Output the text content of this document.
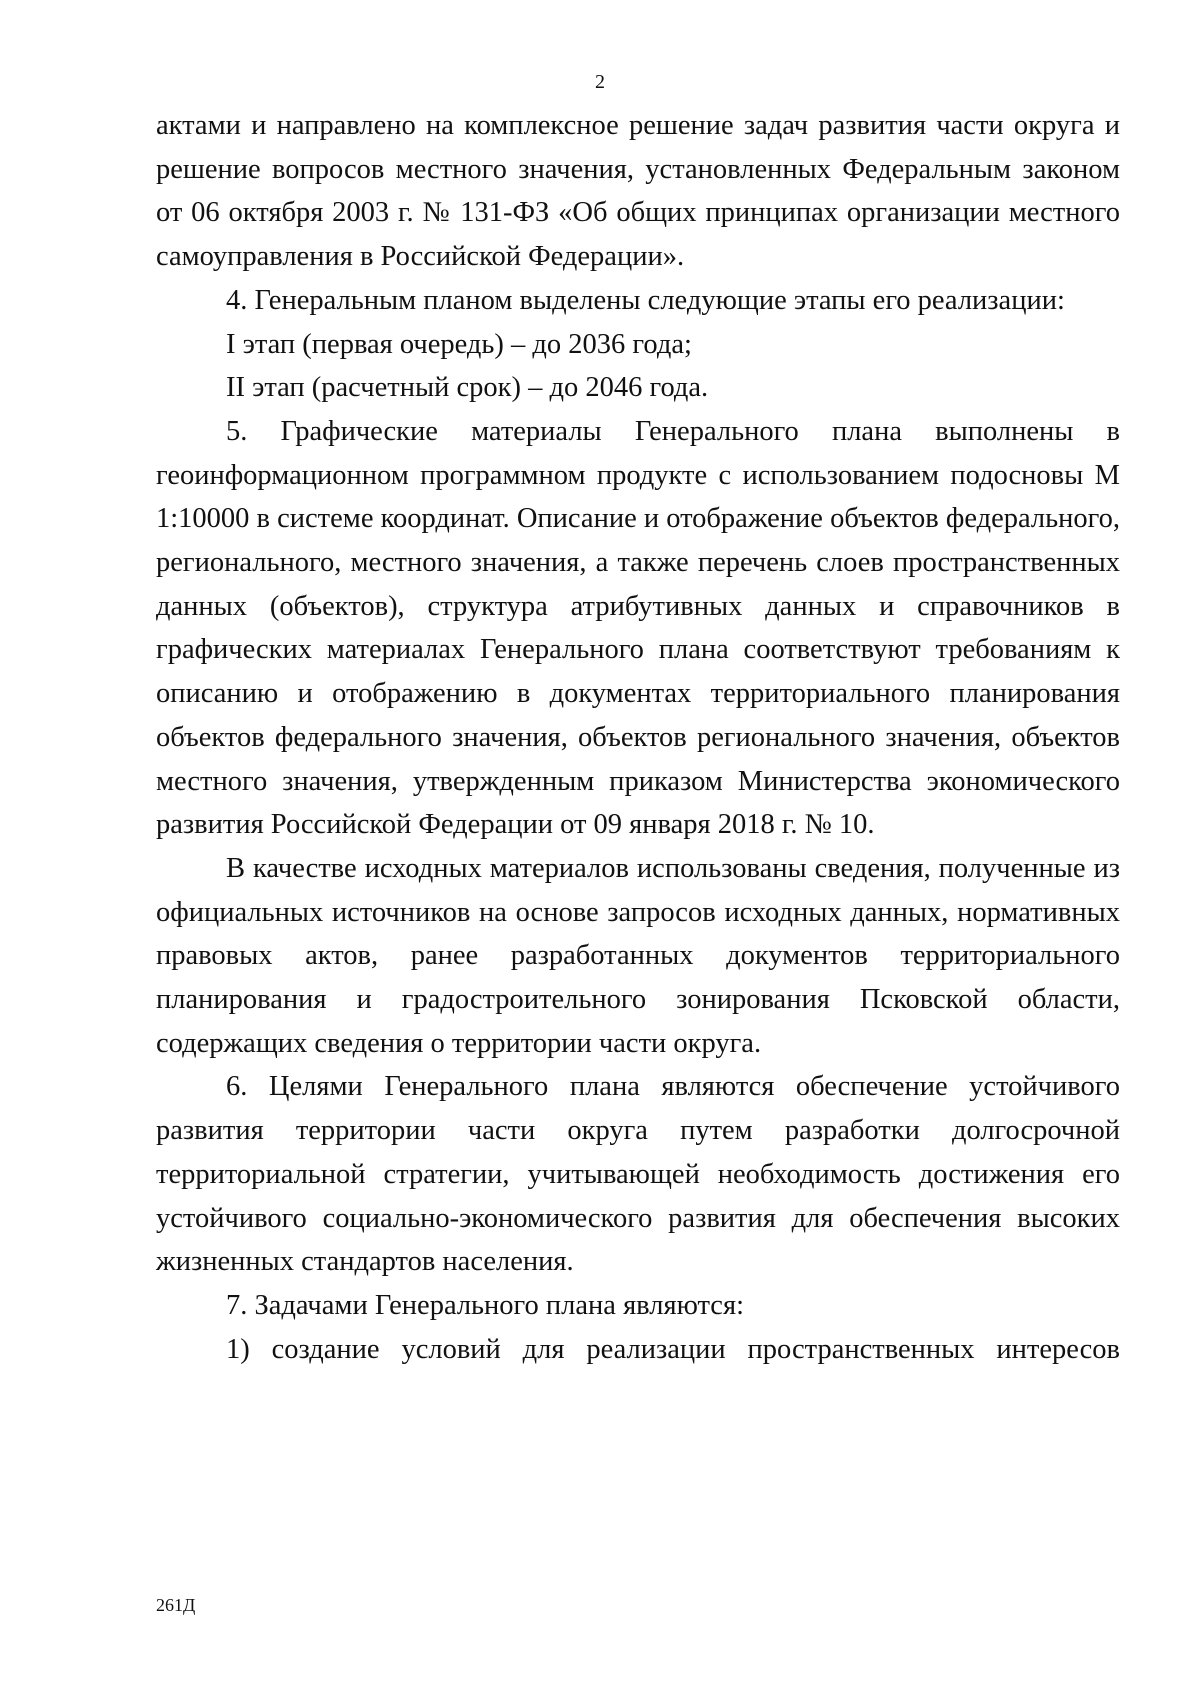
2

актами и направлено на комплексное решение задач развития части округа и решение вопросов местного значения, установленных Федеральным законом от 06 октября 2003 г. № 131-ФЗ «Об общих принципах организации местного самоуправления в Российской Федерации».

4. Генеральным планом выделены следующие этапы его реализации:

I этап (первая очередь) – до 2036 года;

II этап (расчетный срок) – до 2046 года.

5. Графические материалы Генерального плана выполнены в геоинформационном программном продукте с использованием подосновы М 1:10000 в системе координат. Описание и отображение объектов федерального, регионального, местного значения, а также перечень слоев пространственных данных (объектов), структура атрибутивных данных и справочников в графических материалах Генерального плана соответствуют требованиям к описанию и отображению в документах территориального планирования объектов федерального значения, объектов регионального значения, объектов местного значения, утвержденным приказом Министерства экономического развития Российской Федерации от 09 января 2018 г. № 10.

В качестве исходных материалов использованы сведения, полученные из официальных источников на основе запросов исходных данных, нормативных правовых актов, ранее разработанных документов территориального планирования и градостроительного зонирования Псковской области, содержащих сведения о территории части округа.

6. Целями Генерального плана являются обеспечение устойчивого развития территории части округа путем разработки долгосрочной территориальной стратегии, учитывающей необходимость достижения его устойчивого социально-экономического развития для обеспечения высоких жизненных стандартов населения.

7. Задачами Генерального плана являются:

1) создание условий для реализации пространственных интересов

261Д
